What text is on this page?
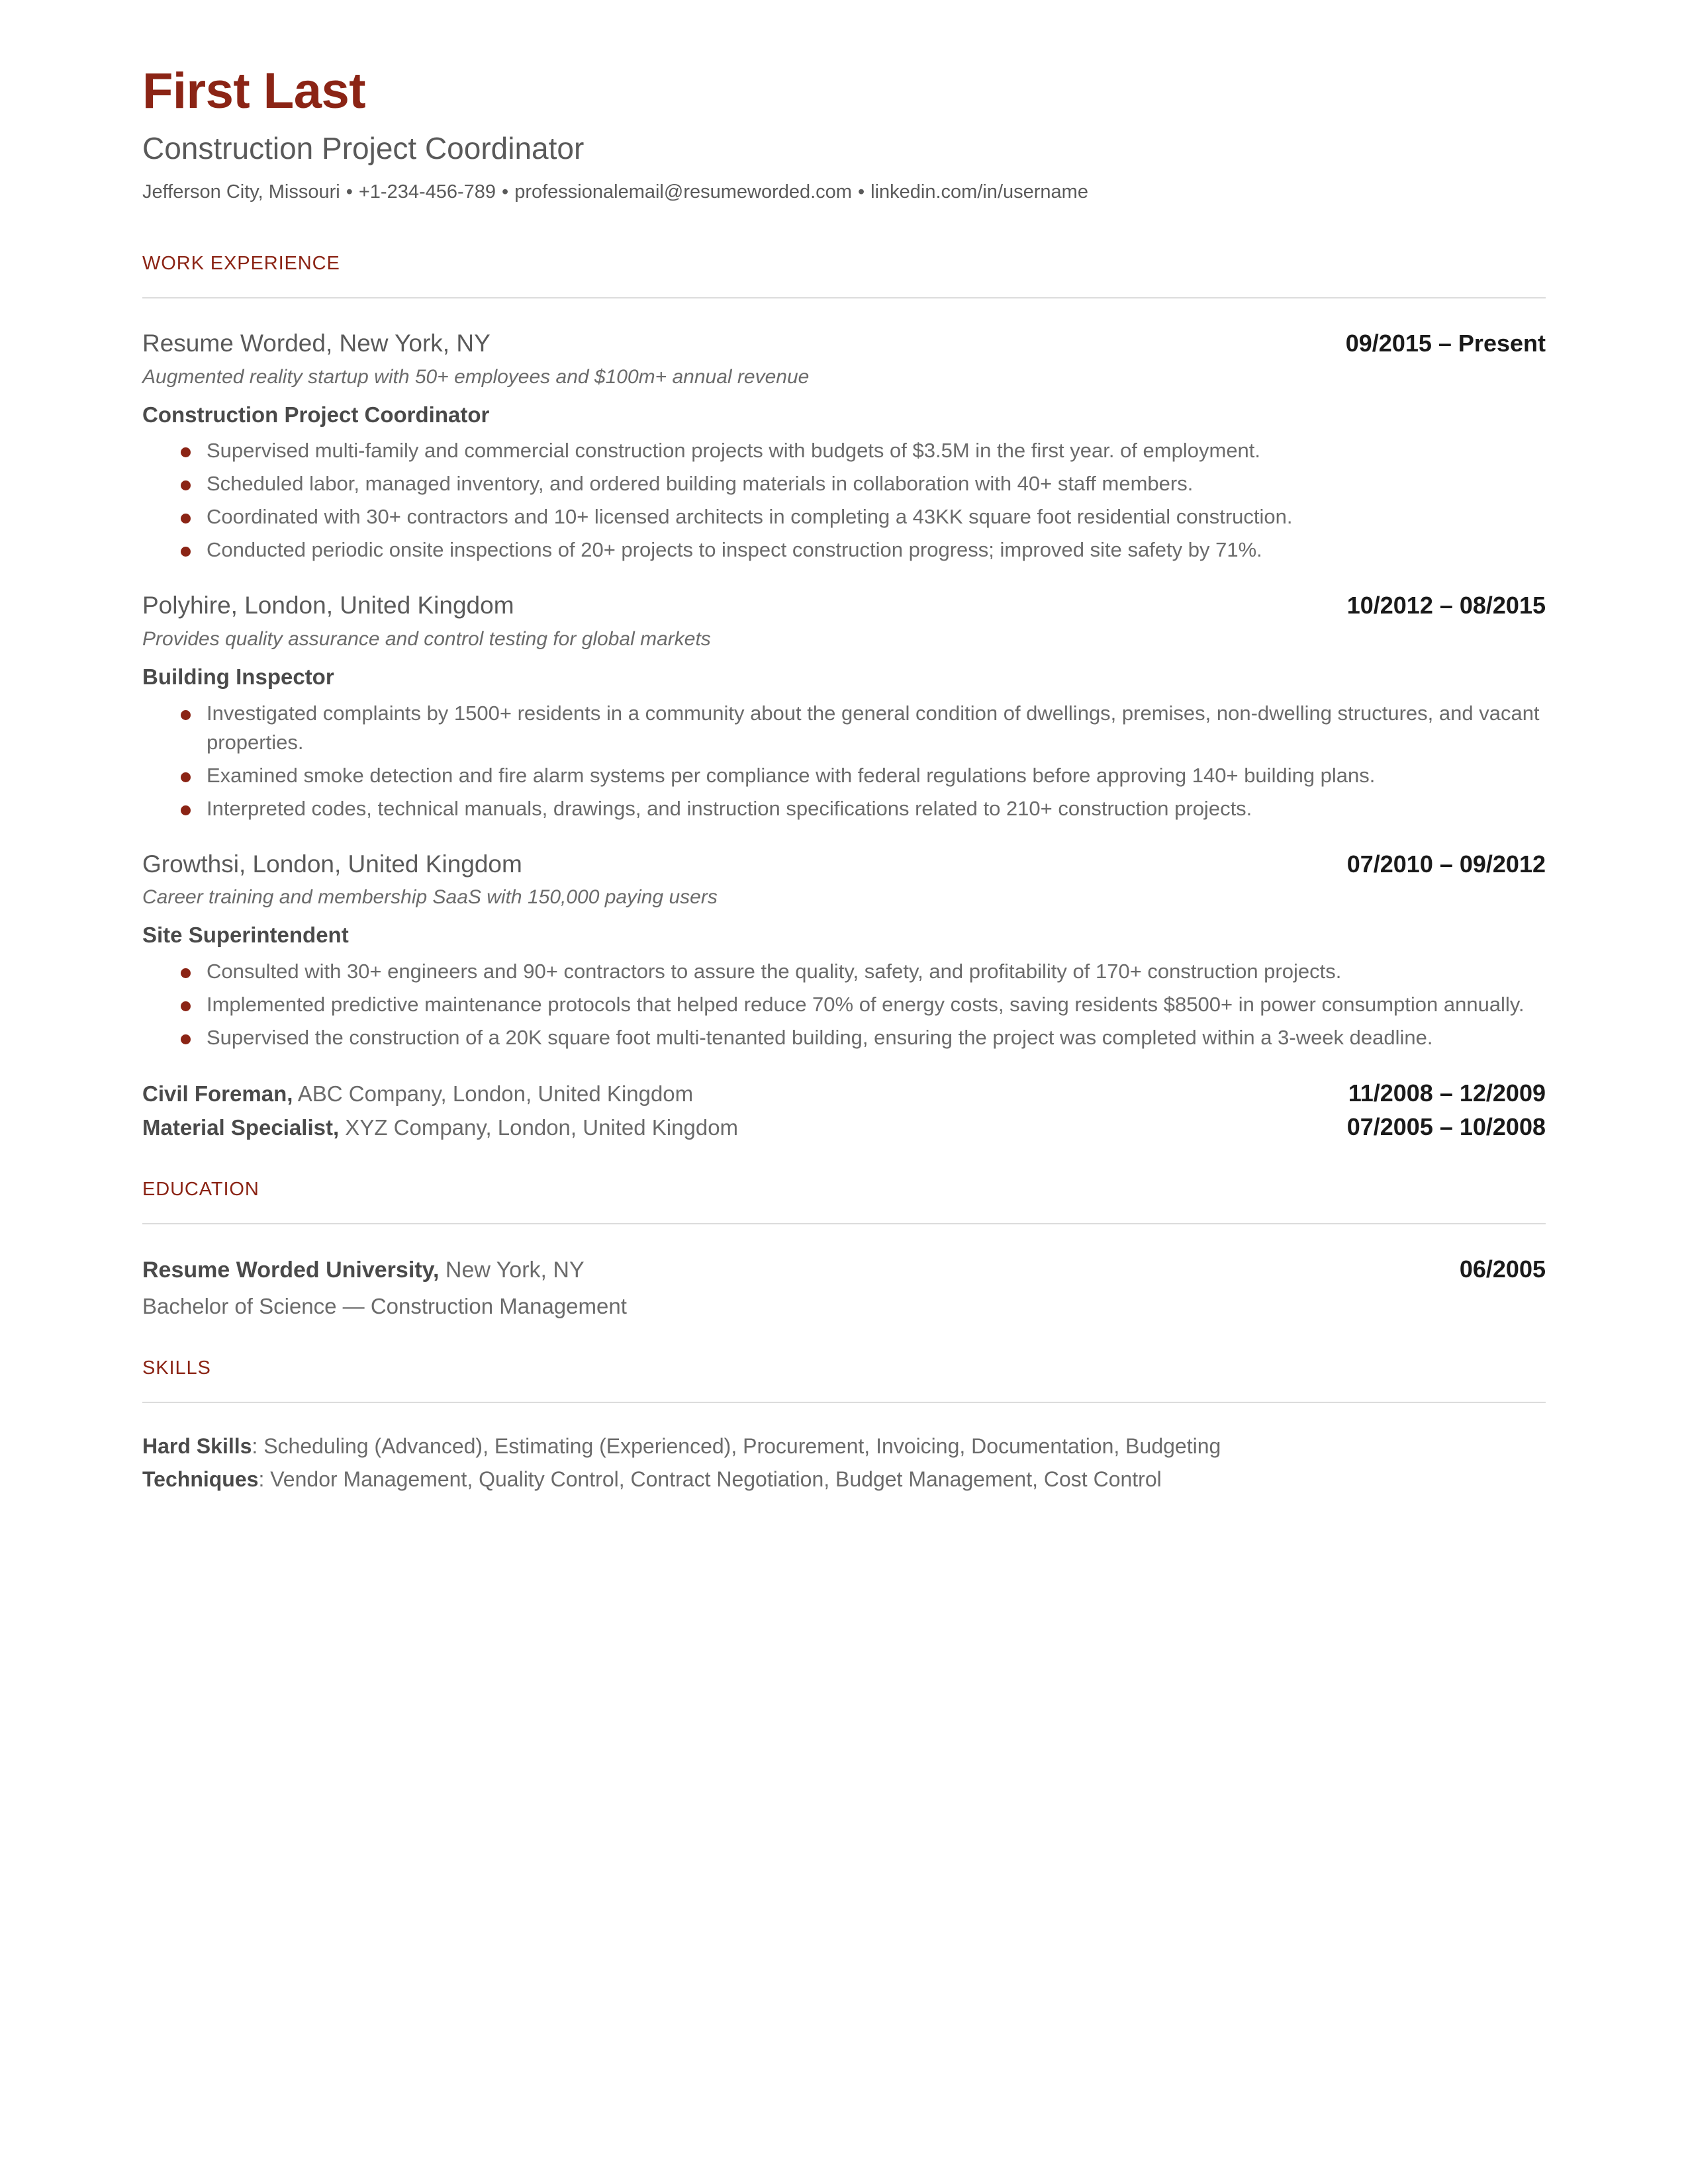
First Last
Construction Project Coordinator
Jefferson City, Missouri • +1-234-456-789 • professionalemail@resumeworded.com • linkedin.com/in/username
WORK EXPERIENCE
Resume Worded, New York, NY	09/2015 – Present
Augmented reality startup with 50+ employees and $100m+ annual revenue
Construction Project Coordinator
Supervised multi-family and commercial construction projects with budgets of $3.5M in the first year. of employment.
Scheduled labor, managed inventory, and ordered building materials in collaboration with 40+ staff members.
Coordinated with 30+ contractors and 10+ licensed architects in completing a 43KK square foot residential construction.
Conducted periodic onsite inspections of 20+ projects to inspect construction progress; improved site safety by 71%.
Polyhire, London, United Kingdom	10/2012 – 08/2015
Provides quality assurance and control testing for global markets
Building Inspector
Investigated complaints by 1500+ residents in a community about the general condition of dwellings, premises, non-dwelling structures, and vacant properties.
Examined smoke detection and fire alarm systems per compliance with federal regulations before approving 140+ building plans.
Interpreted codes, technical manuals, drawings, and instruction specifications related to 210+ construction projects.
Growthsi, London, United Kingdom	07/2010 – 09/2012
Career training and membership SaaS with 150,000 paying users
Site Superintendent
Consulted with 30+ engineers and 90+ contractors to assure the quality, safety, and profitability of 170+ construction projects.
Implemented predictive maintenance protocols that helped reduce 70% of energy costs, saving residents $8500+ in power consumption annually.
Supervised the construction of a 20K square foot multi-tenanted building, ensuring the project was completed within a 3-week deadline.
Civil Foreman, ABC Company, London, United Kingdom	11/2008 – 12/2009
Material Specialist, XYZ Company, London, United Kingdom	07/2005 – 10/2008
EDUCATION
Resume Worded University, New York, NY	06/2005
Bachelor of Science — Construction Management
SKILLS
Hard Skills: Scheduling (Advanced), Estimating (Experienced), Procurement, Invoicing, Documentation, Budgeting
Techniques: Vendor Management, Quality Control, Contract Negotiation, Budget Management, Cost Control
